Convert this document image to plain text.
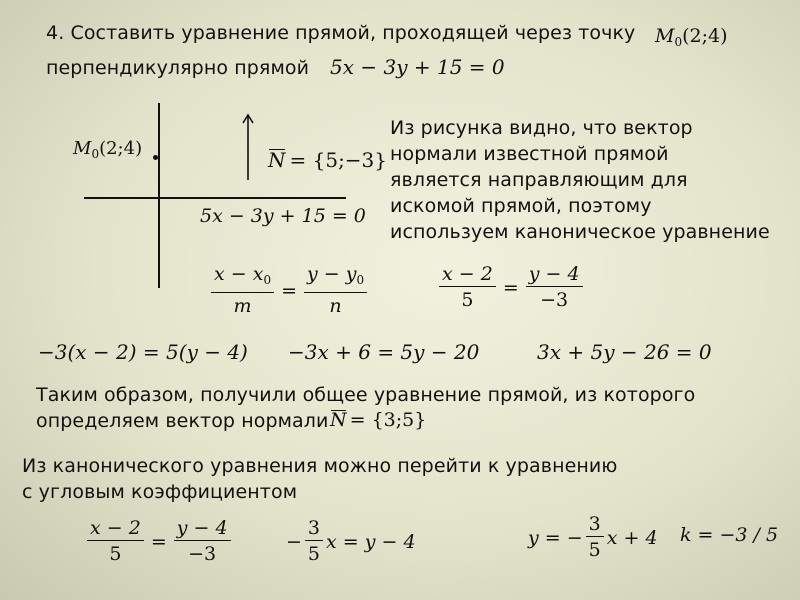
4. Составить уравнение прямой, проходящей через точку $M_0(2;4)$
перпендикулярно прямой 5x − 3y + 15 = 0
$M_0(2;4)$	N = {5;−3}
5x − 3y + 15 = 0
Из рисунка видно, что вектор
нормали известной прямой
является направляющим для
искомой прямой, поэтому
используем каноническое уравнение
$\frac{x - x_0}{m} = \frac{y - y_0}{n}$	$\frac{x - 2}{5} = \frac{y - 4}{-3}$
−3(x − 2) = 5(y − 4) −3x + 6 = 5y − 20	3x + 5y − 26 = 0
Таким образом, получили общее уравнение прямой, из которого
определяем вектор нормали N = {3;5}
Из канонического уравнения можно перейти к уравнению
с угловым коэффициентом
$\frac{x - 2}{5} = \frac{y - 4}{-3}$	− $\frac{3}{5}$ x = y − 4	y = − $\frac{3}{5}$ x + 4 k = −3 / 5
